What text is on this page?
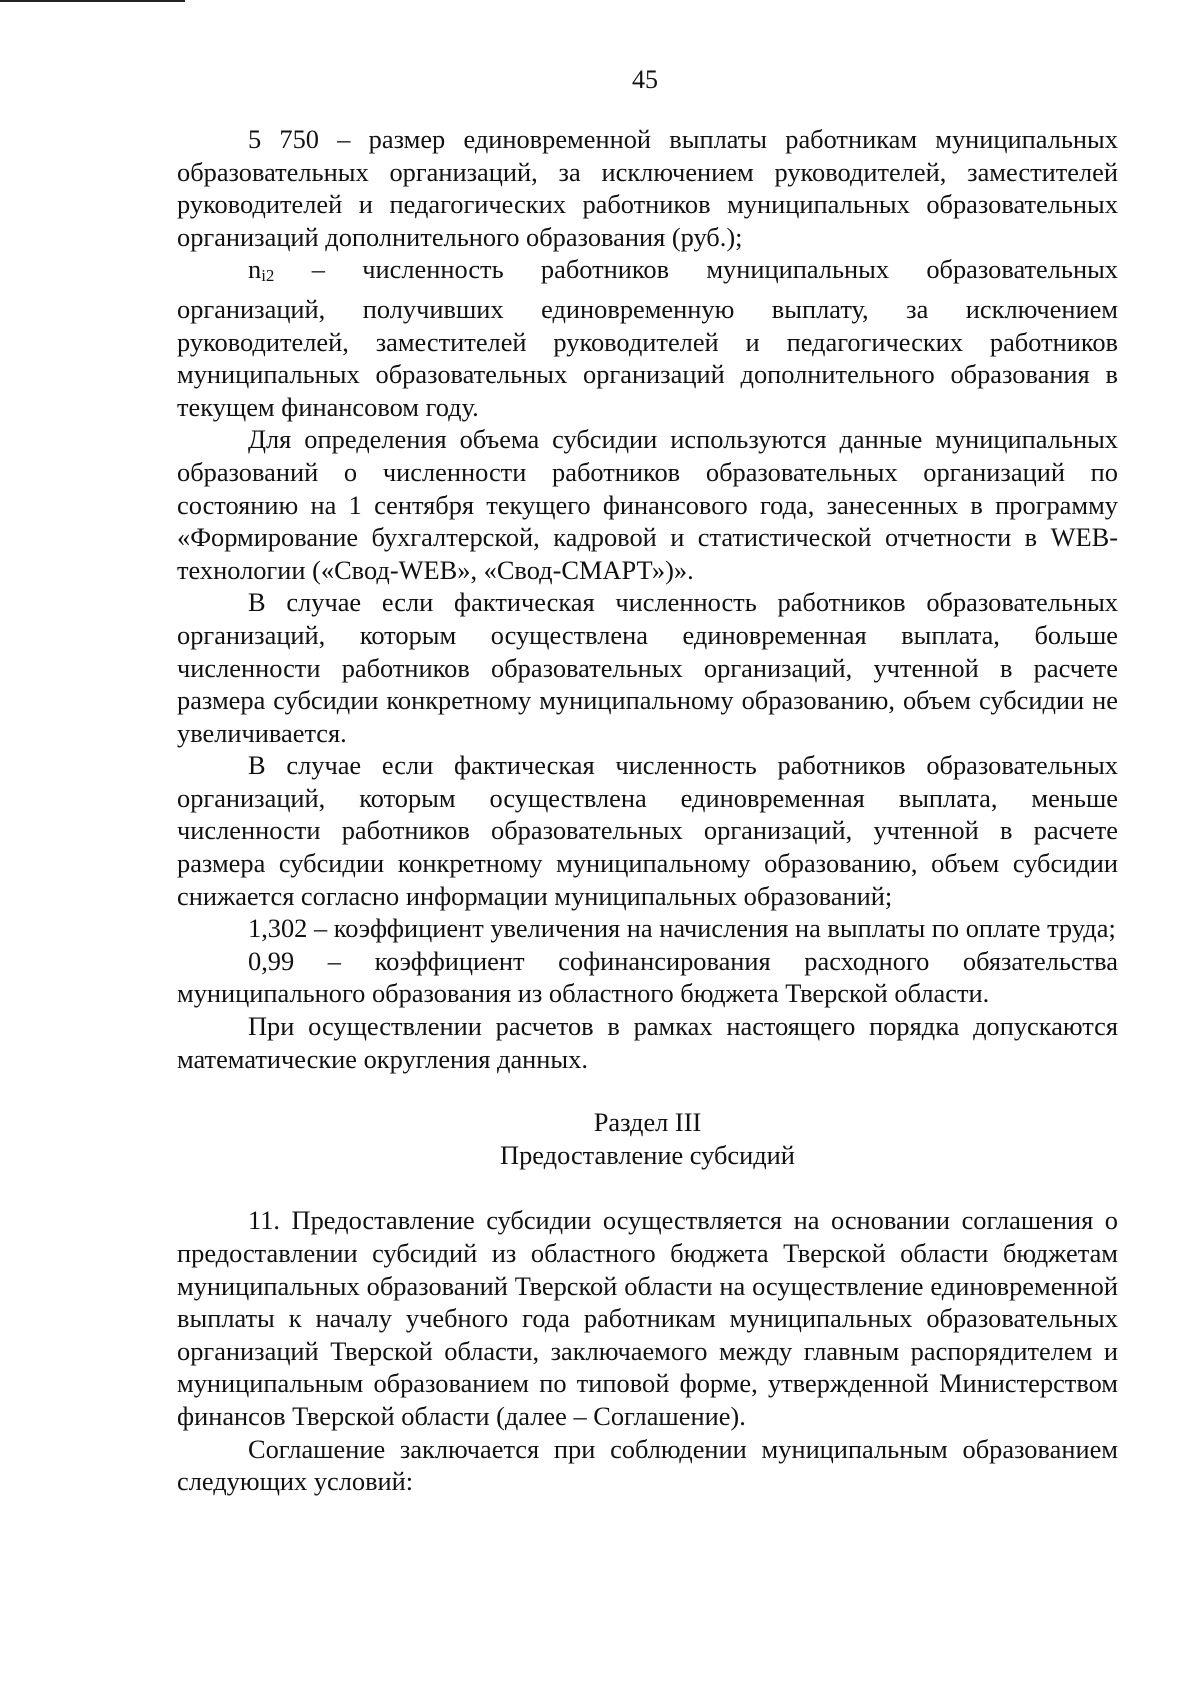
45

5 750 – размер единовременной выплаты работникам муниципальных образовательных организаций, за исключением руководителей, заместителей руководителей и педагогических работников муниципальных образовательных организаций дополнительного образования (руб.);

ni2 – численность работников муниципальных образовательных организаций, получивших единовременную выплату, за исключением руководителей, заместителей руководителей и педагогических работников муниципальных образовательных организаций дополнительного образования в текущем финансовом году.

Для определения объема субсидии используются данные муниципальных образований о численности работников образовательных организаций по состоянию на 1 сентября текущего финансового года, занесенных в программу «Формирование бухгалтерской, кадровой и статистической отчетности в WEB-технологии («Свод-WEB», «Свод-СМАРТ»)».

В случае если фактическая численность работников образовательных организаций, которым осуществлена единовременная выплата, больше численности работников образовательных организаций, учтенной в расчете размера субсидии конкретному муниципальному образованию, объем субсидии не увеличивается.

В случае если фактическая численность работников образовательных организаций, которым осуществлена единовременная выплата, меньше численности работников образовательных организаций, учтенной в расчете размера субсидии конкретному муниципальному образованию, объем субсидии снижается согласно информации муниципальных образований;

1,302 – коэффициент увеличения на начисления на выплаты по оплате труда;

0,99 – коэффициент софинансирования расходного обязательства муниципального образования из областного бюджета Тверской области.

При осуществлении расчетов в рамках настоящего порядка допускаются математические округления данных.

Раздел III

Предоставление субсидий

11. Предоставление субсидии осуществляется на основании соглашения о предоставлении субсидий из областного бюджета Тверской области бюджетам муниципальных образований Тверской области на осуществление единовременной выплаты к началу учебного года работникам муниципальных образовательных организаций Тверской области, заключаемого между главным распорядителем и муниципальным образованием по типовой форме, утвержденной Министерством финансов Тверской области (далее – Соглашение).

Соглашение заключается при соблюдении муниципальным образованием следующих условий:
